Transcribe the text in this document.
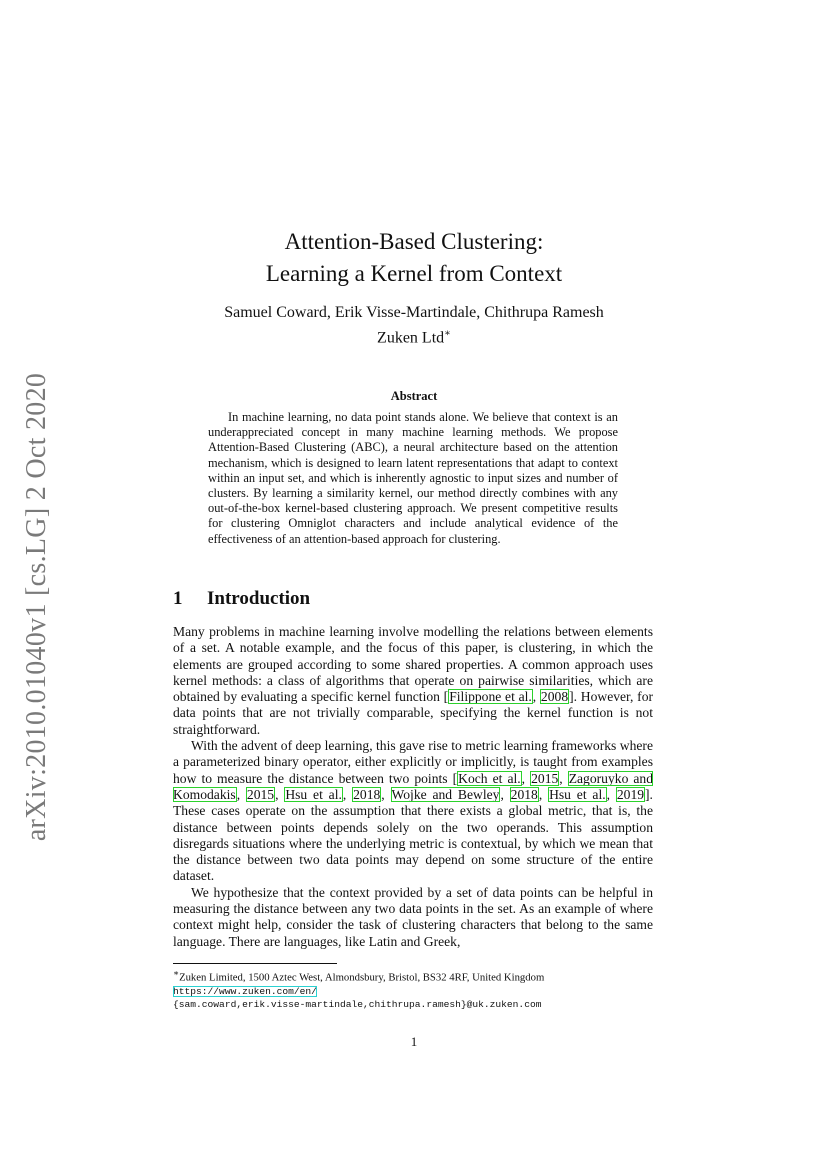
arXiv:2010.01040v1 [cs.LG] 2 Oct 2020
Attention-Based Clustering:
Learning a Kernel from Context
Samuel Coward, Erik Visse-Martindale, Chithrupa Ramesh
Zuken Ltd∗
Abstract
In machine learning, no data point stands alone. We believe that context is an underappreciated concept in many machine learning methods. We propose Attention-Based Clustering (ABC), a neural architecture based on the attention mechanism, which is designed to learn latent representations that adapt to context within an input set, and which is inherently agnostic to input sizes and number of clusters. By learning a similarity kernel, our method directly combines with any out-of-the-box kernel-based clustering approach. We present competitive results for clustering Omniglot characters and include analytical evidence of the effectiveness of an attention-based approach for clustering.
1 Introduction

Many problems in machine learning involve modelling the relations between elements of a set. A notable example, and the focus of this paper, is clustering, in which the elements are grouped according to some shared properties. A common approach uses kernel methods: a class of algorithms that operate on pairwise similarities, which are obtained by evaluating a specific kernel function [Filippone et al., 2008]. However, for data points that are not trivially comparable, specifying the kernel function is not straightforward.

With the advent of deep learning, this gave rise to metric learning frameworks where a parameterized binary operator, either explicitly or implicitly, is taught from examples how to measure the distance between two points [Koch et al., 2015, Zagoruyko and Komodakis, 2015, Hsu et al., 2018, Wojke and Bewley, 2018, Hsu et al., 2019]. These cases operate on the assumption that there exists a global metric, that is, the distance between points depends solely on the two operands. This assumption disregards situations where the underlying metric is contextual, by which we mean that the distance between two data points may depend on some structure of the entire dataset.

We hypothesize that the context provided by a set of data points can be helpful in measuring the distance between any two data points in the set. As an example of where context might help, consider the task of clustering characters that belong to the same language. There are languages, like Latin and Greek,

∗Zuken Limited, 1500 Aztec West, Almondsbury, Bristol, BS32 4RF, United Kingdom
https://www.zuken.com/en/
{sam.coward,erik.visse-martindale,chithrupa.ramesh}@uk.zuken.com
1
